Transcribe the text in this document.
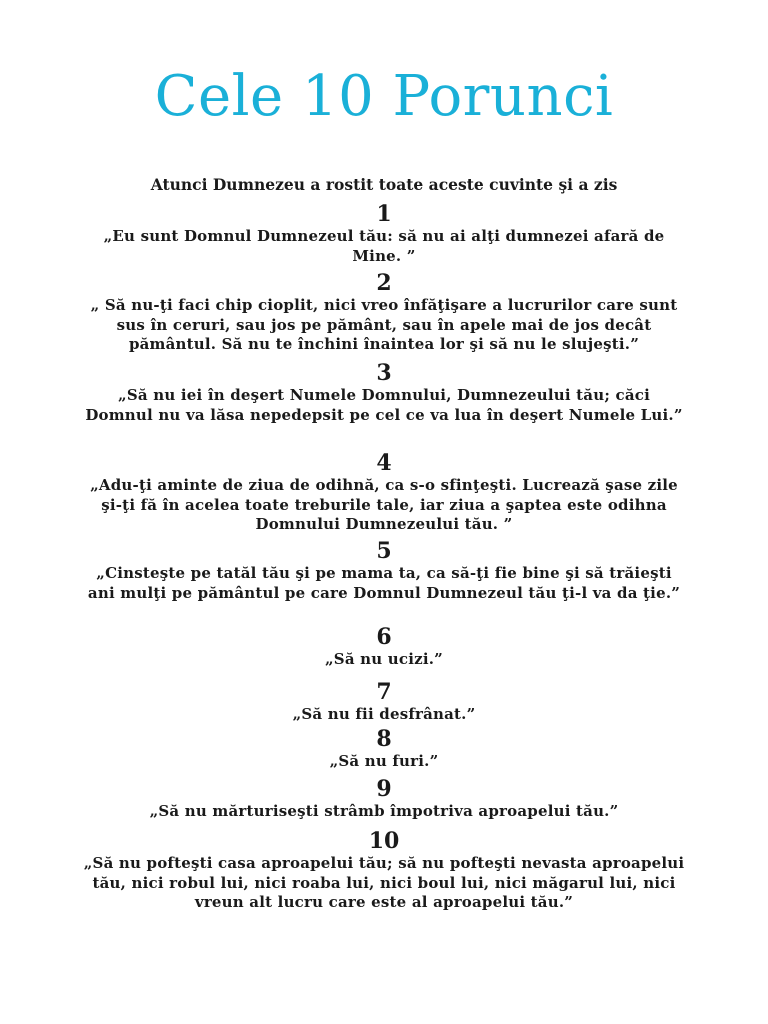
Cele 10 Porunci

Atunci Dumnezeu a rostit toate aceste cuvinte şi a zis

1
„Eu sunt Domnul Dumnezeul tău: să nu ai alţi dumnezei afară de Mine. ”
2
„ Să nu-ţi faci chip cioplit, nici vreo înfăţişare a lucrurilor care sunt sus în ceruri, sau jos pe pământ, sau în apele mai de jos decât pământul. Să nu te închini înaintea lor şi să nu le slujeşti.”
3
„Să nu iei în deşert Numele Domnului, Dumnezeului tău; căci Domnul nu va lăsa nepedepsit pe cel ce va lua în deşert Numele Lui.”
4
„Adu-ţi aminte de ziua de odihnă, ca s-o sfinţeşti. Lucrează şase zile şi-ţi fă în acelea toate treburile tale, iar ziua a şaptea este odihna Domnului Dumnezeului tău. ”
5
„Cinsteşte pe tatăl tău şi pe mama ta, ca să-ţi fie bine şi să trăieşti ani mulţi pe pământul pe care Domnul Dumnezeul tău ţi-l va da ţie.”
6
„Să nu ucizi.”
7
„Să nu fii desfrânat.”
8
„Să nu furi.”
9
„Să nu mărturiseşti strâmb împotriva aproapelui tău.”
10
„Să nu pofteşti casa aproapelui tău; să nu pofteşti nevasta aproapelui tău, nici robul lui, nici roaba lui, nici boul lui, nici măgarul lui, nici vreun alt lucru care este al aproapelui tău.”
